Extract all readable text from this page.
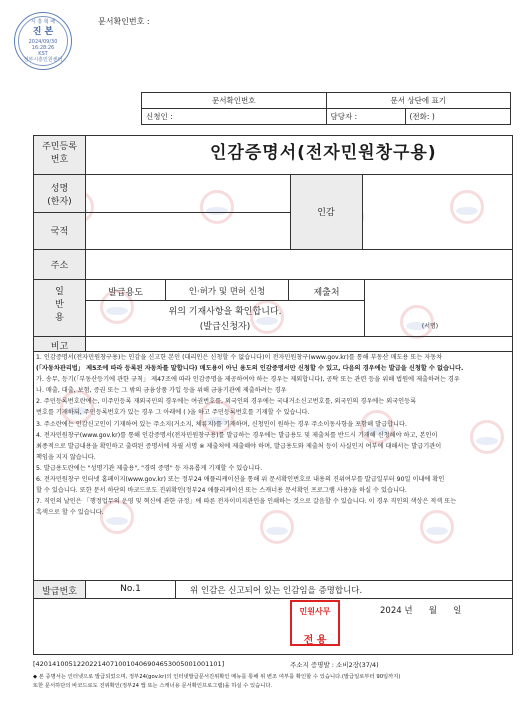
문서확인번호 :
시 흥 혁 배
진 본
2024/09/30
16:28:26
KST
정부시흥민원센터
문서확인번호	문서 상단에 표기	
신청인 :	담당자 :	(전화: )
인감증명서(전자민원창구용)
주민등록
번호
성명
(한자)
국적
인감
주소
일
반
용
발급용도	인·허가 및 면허 신청	제출처
위의 기재사항을 확인합니다.
(발급신청자)	(서명)
비고
1. 인감증명서(전자민원창구용)는 인감을 신고한 본인 (대리인은 신청할 수 없습니다)이 전자민원창구(www.gov.kr)를 통해 부동산 매도용 또는 자동차
(「자동차관리법」 제5조에 따라 등록된 자동차를 말합니다) 매도용이 아닌 용도의 인감증명서만 신청할 수 있고, 다음의 경우에는 발급을 신청할 수 없습니다.
가. 송무, 등기(「부동산등기에 관한 규칙」 제47조에 따라 인감증명을 제공하여야 하는 경우는 제외합니다), 공탁 또는 관련 등을 위해 법원에 제출하려는 경우
나. 매출, 대출, 보험, 증권 또는 그 밖의 금융상품 가입 등을 위해 금융기관에 제출하려는 경우
2. 주민등록번호란에는, 미주민등록 재외국민의 경우에는 여권번호를, 외국인의 경우에는 국내거소신고번호를, 외국인의 경우에는 외국인등록
번호를 기재하되, 주민등록번호가 있는 경우 그 아래에 ( )을 하고 주민등록번호를 기재할 수 있습니다.
3. 주소란에는 인감신고인이 기재하여 있는 주소지(거소지, 체류지)를 기재하며, 신청인이 원하는 경우 주소이동사항을 포함해 발급합니다.
4. 전자민원창구(www.gov.kr)를 통해 인감증명서(전자민원창구용)를 발급하는 경우에는 발급용도 및 제출처를 반드시 기재해 신청해야 하고, 본인이
최종적으로 발급내용을 확인하고 출력된 증명서에 자필 서명 ※ 제출처에 제출해야 하며, 발급용도와 제출처 등이 사실인지 여부에 대해서는 발급기관이
책임을 지지 않습니다.
5. 발급용도란에는 "성명기관 제출용", "경력 증명" 등 자유롭게 기재할 수 있습니다.
6. 전자민원창구 인터넷 홈페이지(www.gov.kr) 또는 정부24 애플리케이션을 통해 위 문서확인번호로 내용의 진위여부를 발급일부터 90일 이내에 확인
할 수 있습니다. 또한 문서 하단의 바코드로도 진위확인(정부24 애플리케이션 또는 스캐너용 문서확인 프로그램 사용)을 하실 수 있습니다.
7. 직인의 날인은 「행정업무의 운영 및 혁신에 관한 규정」에 따른 전자이미지관인을 인쇄하는 것으로 갈음할 수 있습니다. 이 경우 직인의 색상은 적색 또는
흑색으로 할 수 있습니다.
발급번호	No.1	위 인감은 신고되어 있는 인감임을 증명합니다.
2024 년      월      일
민원사무
전 용
[420141005122022140710010406904653005001001101]	주소지 증명발 : 소비2장(37/4)
◆ 본 증명서는 인터넷으로 발급되었으며, 정부24(gov.kr)의 인터넷발급문서진위확인 메뉴를 통해 위 변조 여부를 확인할 수 있습니다.(발급일로부터 90일까지)
또한 문서하단의 바코드로도 진위확인(정부24 앱 또는 스캐너용 문서확인프로그램)을 하실 수 있습니다.
